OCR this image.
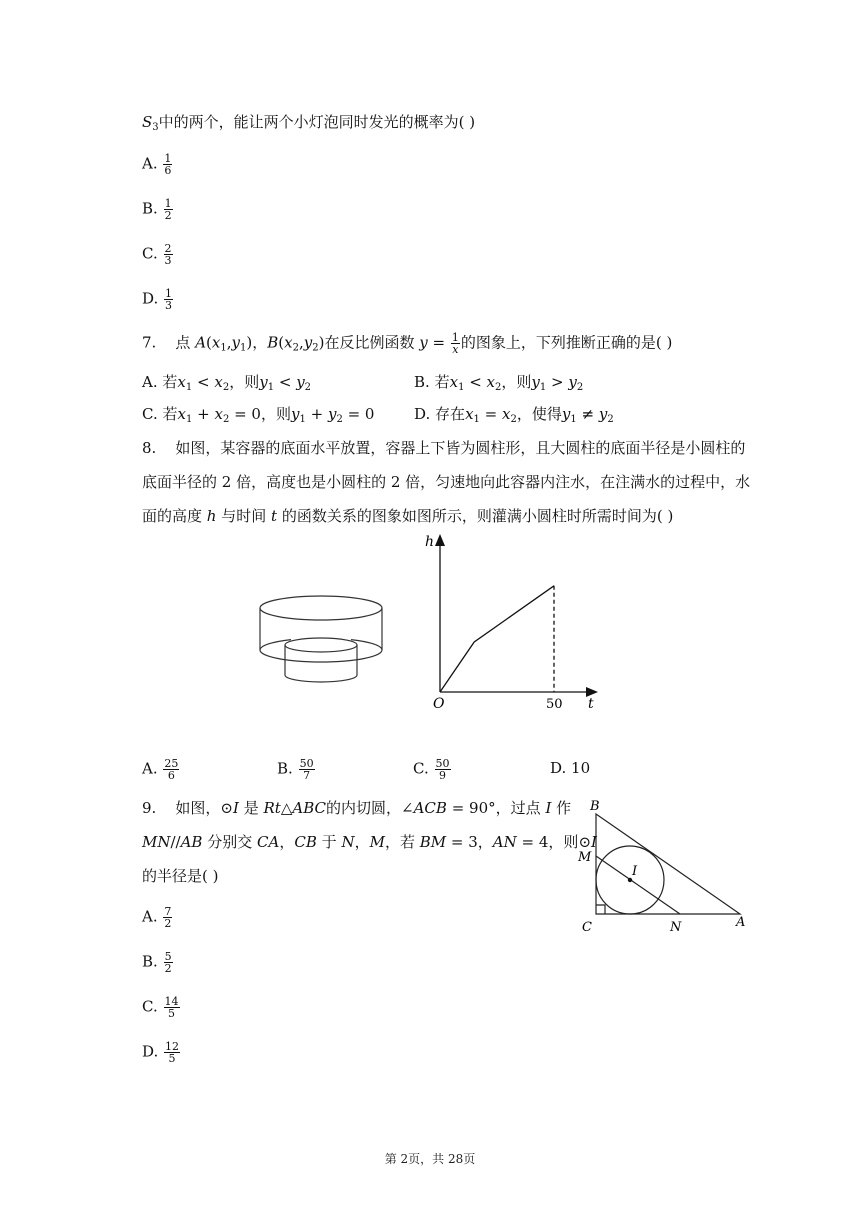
$S_3$中的两个，能让两个小灯泡同时发光的概率为( )
A. $\frac{1}{6}$
B. $\frac{1}{2}$
C. $\frac{2}{3}$
D. $\frac{1}{3}$
7. 点 $A(x_1,y_1)$，$B(x_2,y_2)$在反比例函数 $y = \frac{1}{x}$ 的图象上，下列推断正确的是( )
A. 若$x_1 < x_2$，则$y_1 < y_2$	B. 若$x_1 < x_2$，则$y_1 > y_2$
C. 若$x_1 + x_2 = 0$，则$y_1 + y_2 = 0$	D. 存在$x_1 = x_2$，使得$y_1 \ne y_2$
8. 如图，某容器的底面水平放置，容器上下皆为圆柱形，且大圆柱的底面半径是小圆柱的
底面半径的 2 倍，高度也是小圆柱的 2 倍，匀速地向此容器内注水，在注满水的过程中，水
面的高度 h 与时间 t 的函数关系的图象如图所示，则灌满小圆柱时所需时间为( )
h
t
O	50
A. $\frac{25}{6}$	B. $\frac{50}{7}$	C. $\frac{50}{9}$	D. 10
9. 如图，⊙I 是 Rt△ABC的内切圆，∠ACB = 90°，过点 I 作
MN//AB 分别交 CA，CB 于 N，M，若 BM = 3，AN = 4，则⊙I
的半径是( )
B
M
I
C	N	A
A. $\frac{7}{2}$
B. $\frac{5}{2}$
C. $\frac{14}{5}$
D. $\frac{12}{5}$
第 2页，共 28页
